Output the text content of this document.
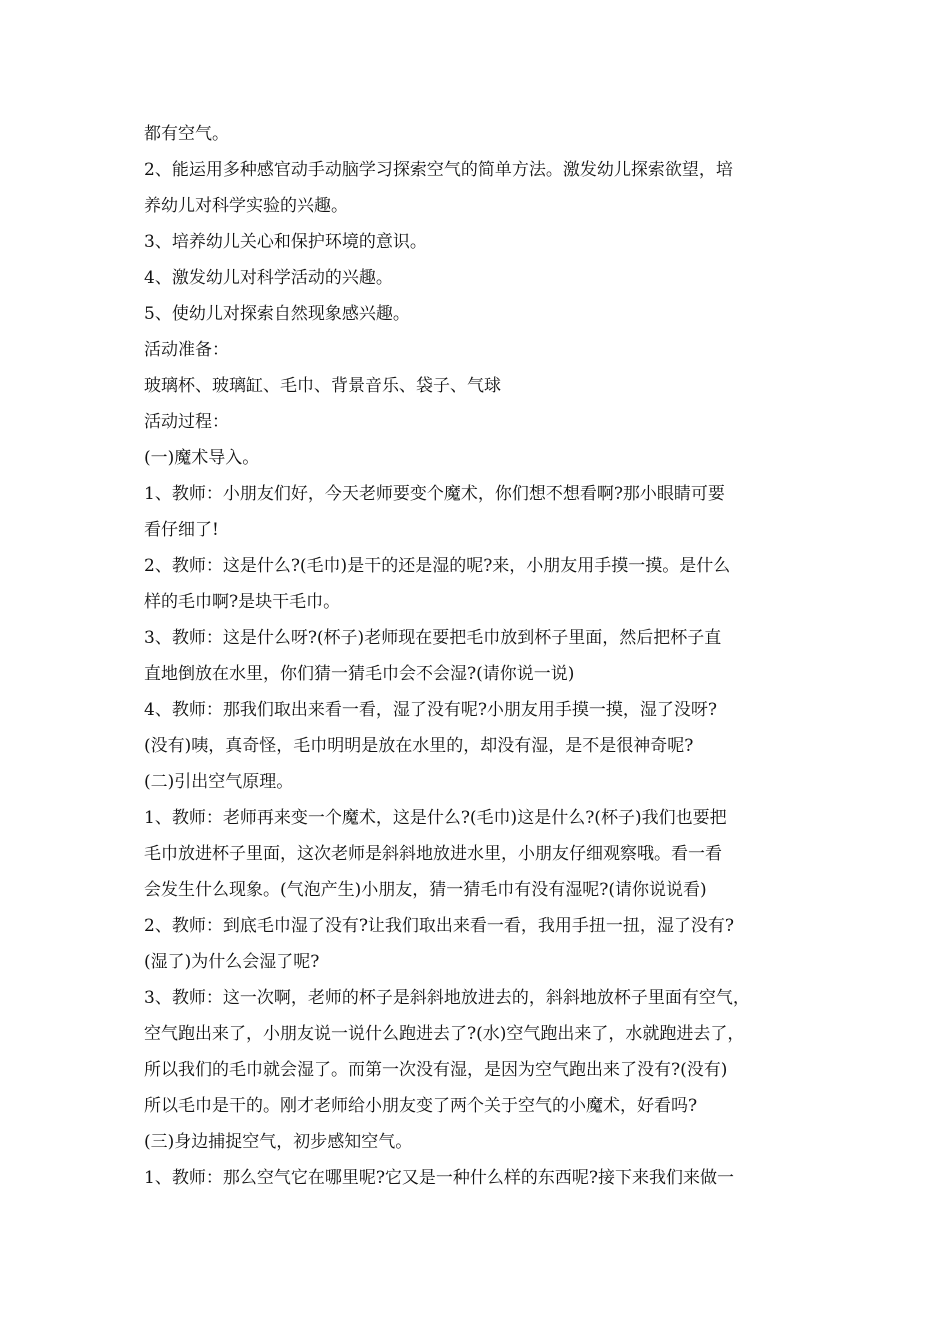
都有空气。
2、能运用多种感官动手动脑学习探索空气的简单方法。激发幼儿探索欲望，培
养幼儿对科学实验的兴趣。
3、培养幼儿关心和保护环境的意识。
4、激发幼儿对科学活动的兴趣。
5、使幼儿对探索自然现象感兴趣。
活动准备：
玻璃杯、玻璃缸、毛巾、背景音乐、袋子、气球
活动过程：
(一)魔术导入。
1、教师：小朋友们好，今天老师要变个魔术，你们想不想看啊?那小眼睛可要
看仔细了!
2、教师：这是什么?(毛巾)是干的还是湿的呢?来，小朋友用手摸一摸。是什么
样的毛巾啊?是块干毛巾。
3、教师：这是什么呀?(杯子)老师现在要把毛巾放到杯子里面，然后把杯子直
直地倒放在水里，你们猜一猜毛巾会不会湿?(请你说一说)
4、教师：那我们取出来看一看，湿了没有呢?小朋友用手摸一摸，湿了没呀?
(没有)咦，真奇怪，毛巾明明是放在水里的，却没有湿，是不是很神奇呢?
(二)引出空气原理。
1、教师：老师再来变一个魔术，这是什么?(毛巾)这是什么?(杯子)我们也要把
毛巾放进杯子里面，这次老师是斜斜地放进水里，小朋友仔细观察哦。看一看
会发生什么现象。(气泡产生)小朋友，猜一猜毛巾有没有湿呢?(请你说说看)
2、教师：到底毛巾湿了没有?让我们取出来看一看，我用手扭一扭，湿了没有?
(湿了)为什么会湿了呢?
3、教师：这一次啊，老师的杯子是斜斜地放进去的，斜斜地放杯子里面有空气，
空气跑出来了，小朋友说一说什么跑进去了?(水)空气跑出来了，水就跑进去了，
所以我们的毛巾就会湿了。而第一次没有湿，是因为空气跑出来了没有?(没有)
所以毛巾是干的。刚才老师给小朋友变了两个关于空气的小魔术，好看吗?
(三)身边捕捉空气，初步感知空气。
1、教师：那么空气它在哪里呢?它又是一种什么样的东西呢?接下来我们来做一
